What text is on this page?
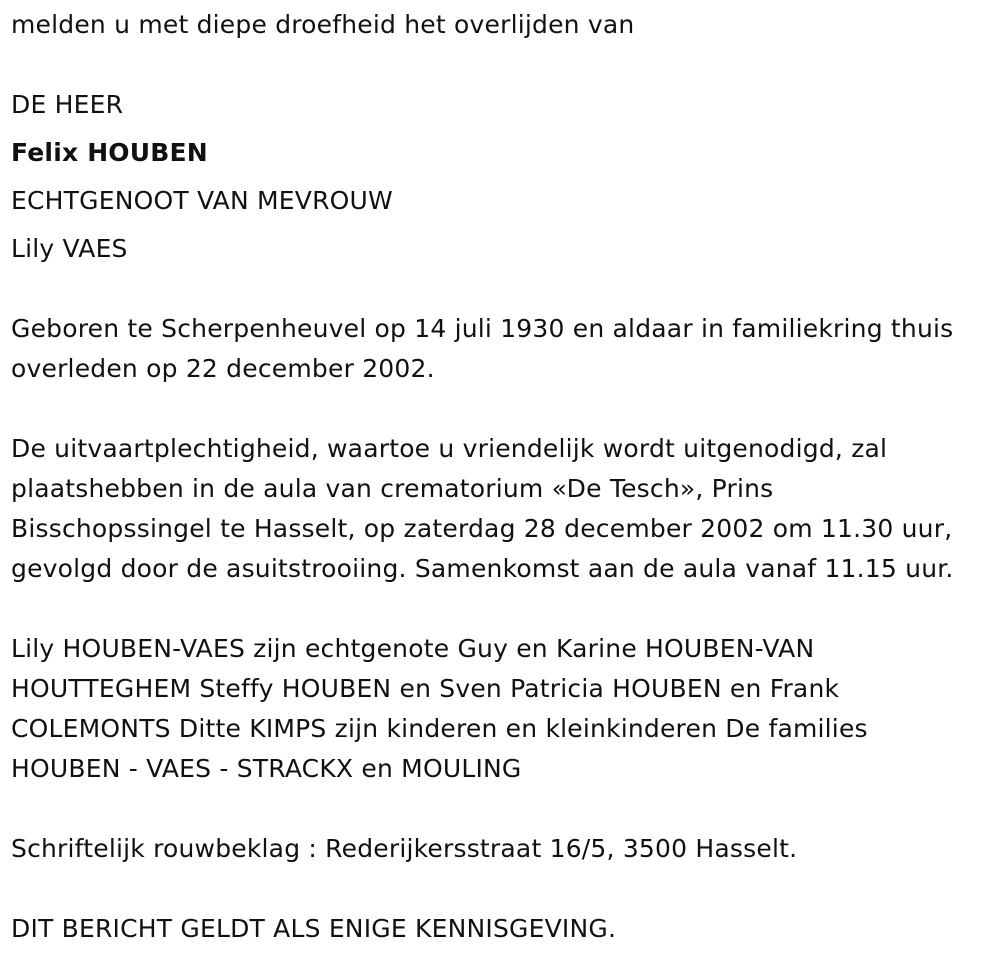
melden u met diepe droefheid het overlijden van
DE HEER
Felix HOUBEN
ECHTGENOOT VAN MEVROUW
Lily VAES
Geboren te Scherpenheuvel op 14 juli 1930 en aldaar in familiekring thuis
overleden op 22 december 2002.
De uitvaartplechtigheid, waartoe u vriendelijk wordt uitgenodigd, zal
plaatshebben in de aula van crematorium «De Tesch», Prins
Bisschopssingel te Hasselt, op zaterdag 28 december 2002 om 11.30 uur,
gevolgd door de asuitstrooiing. Samenkomst aan de aula vanaf 11.15 uur.
Lily HOUBEN-VAES zijn echtgenote Guy en Karine HOUBEN-VAN
HOUTTEGHEM Steffy HOUBEN en Sven Patricia HOUBEN en Frank
COLEMONTS Ditte KIMPS zijn kinderen en kleinkinderen De families
HOUBEN - VAES - STRACKX en MOULING
Schriftelijk rouwbeklag : Rederijkersstraat 16/5, 3500 Hasselt.
DIT BERICHT GELDT ALS ENIGE KENNISGEVING.
